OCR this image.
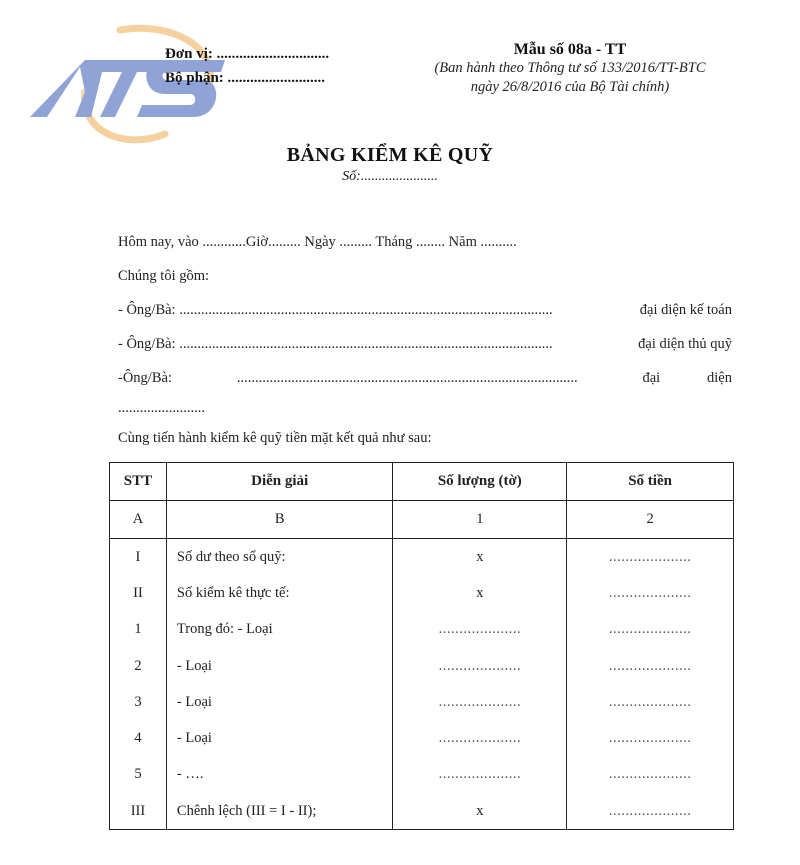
Đơn vị: ..............................
Bộ phận: ..........................
Mẫu số 08a - TT
(Ban hành theo Thông tư số 133/2016/TT-BTC
ngày 26/8/2016 của Bộ Tài chính)
BẢNG KIỂM KÊ QUỸ
Số:......................
Hôm nay, vào ............Giờ......... Ngày ......... Tháng ........ Năm ..........
Chúng tôi gồm:
- Ông/Bà: .......................................................................................................	đại diện kế toán
- Ông/Bà: .......................................................................................................	đại diện thủ quỹ
-Ông/Bà:	..............................................................................................	đại	diện
........................
Cùng tiến hành kiểm kê quỹ tiền mặt kết quả như sau:
STT	Diễn giải	Số lượng (tờ)	Số tiền
A	B	1	2
I	Số dư theo sổ quỹ:	x	....................
II	Số kiểm kê thực tế:	x	....................
1	Trong đó: - Loại	....................	....................
2	- Loại	....................	....................
3	- Loại	....................	....................
4	- Loại	....................	....................
5	- ….	....................	....................
III	Chênh lệch (III = I - II);	x	....................
